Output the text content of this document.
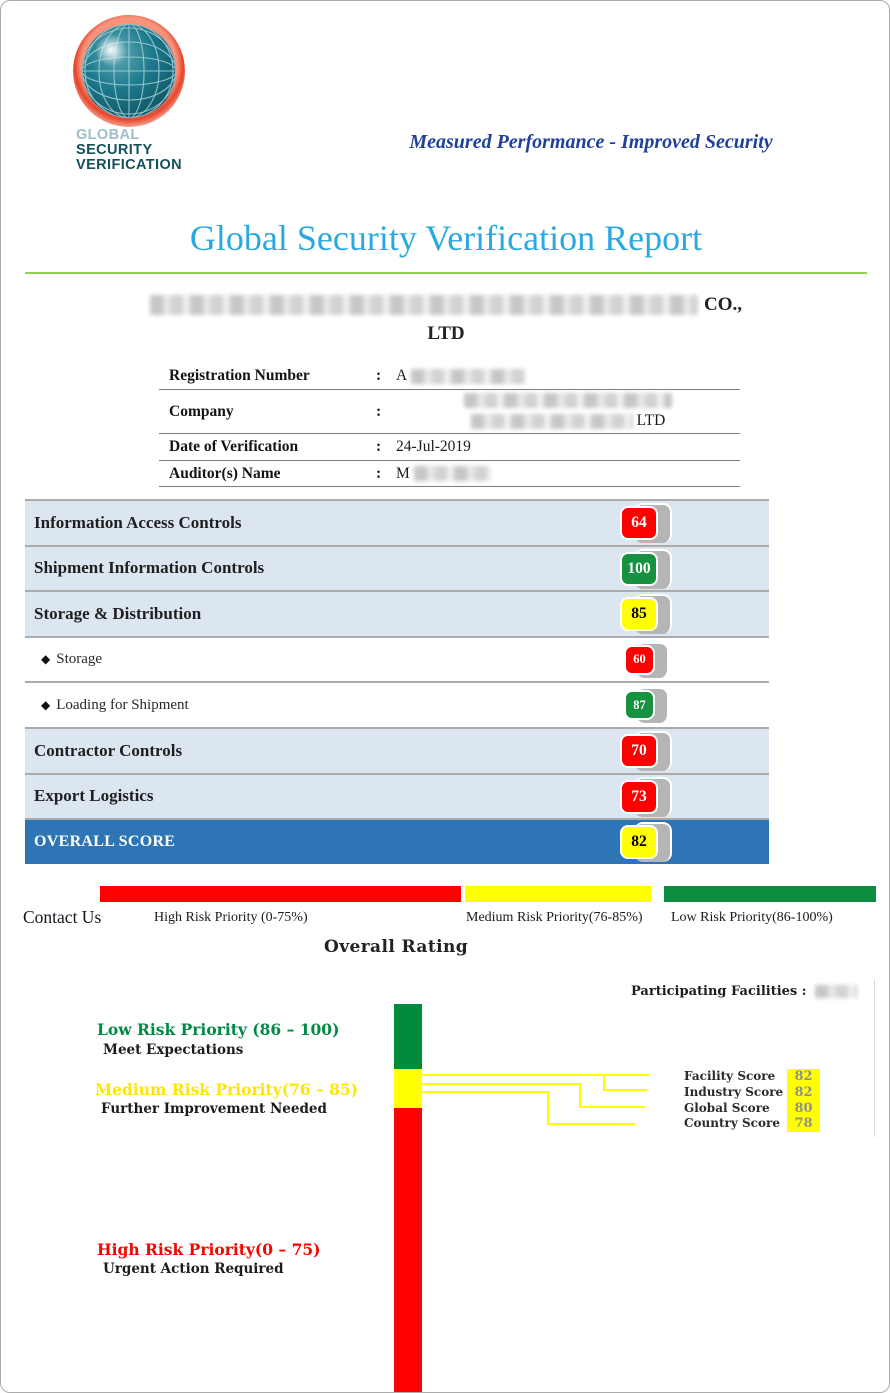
GLOBAL
SECURITY
VERIFICATION
Measured Performance - Improved Security
Global Security Verification Report
CO.,
LTD
Registration Number	: A
Company	:
LTD
Date of Verification	: 24-Jul-2019
Auditor(s) Name	: M
Information Access Controls	64
Shipment Information Controls	100
Storage & Distribution	85
◆ Storage	60
◆ Loading for Shipment	87
Contractor Controls	70
Export Logistics	73
OVERALL SCORE	82
Contact Us	High Risk Priority (0-75%)	Medium Risk Priority(76-85%) Low Risk Priority(86-100%)
Overall Rating
Participating Facilities :
Low Risk Priority (86 – 100)
Meet Expectations
Medium Risk Priority(76 – 85)
Further Improvement Needed
High Risk Priority(0 – 75)
Urgent Action Required
Facility Score	82
Industry Score 82
Global Score	80
Country Score	78
